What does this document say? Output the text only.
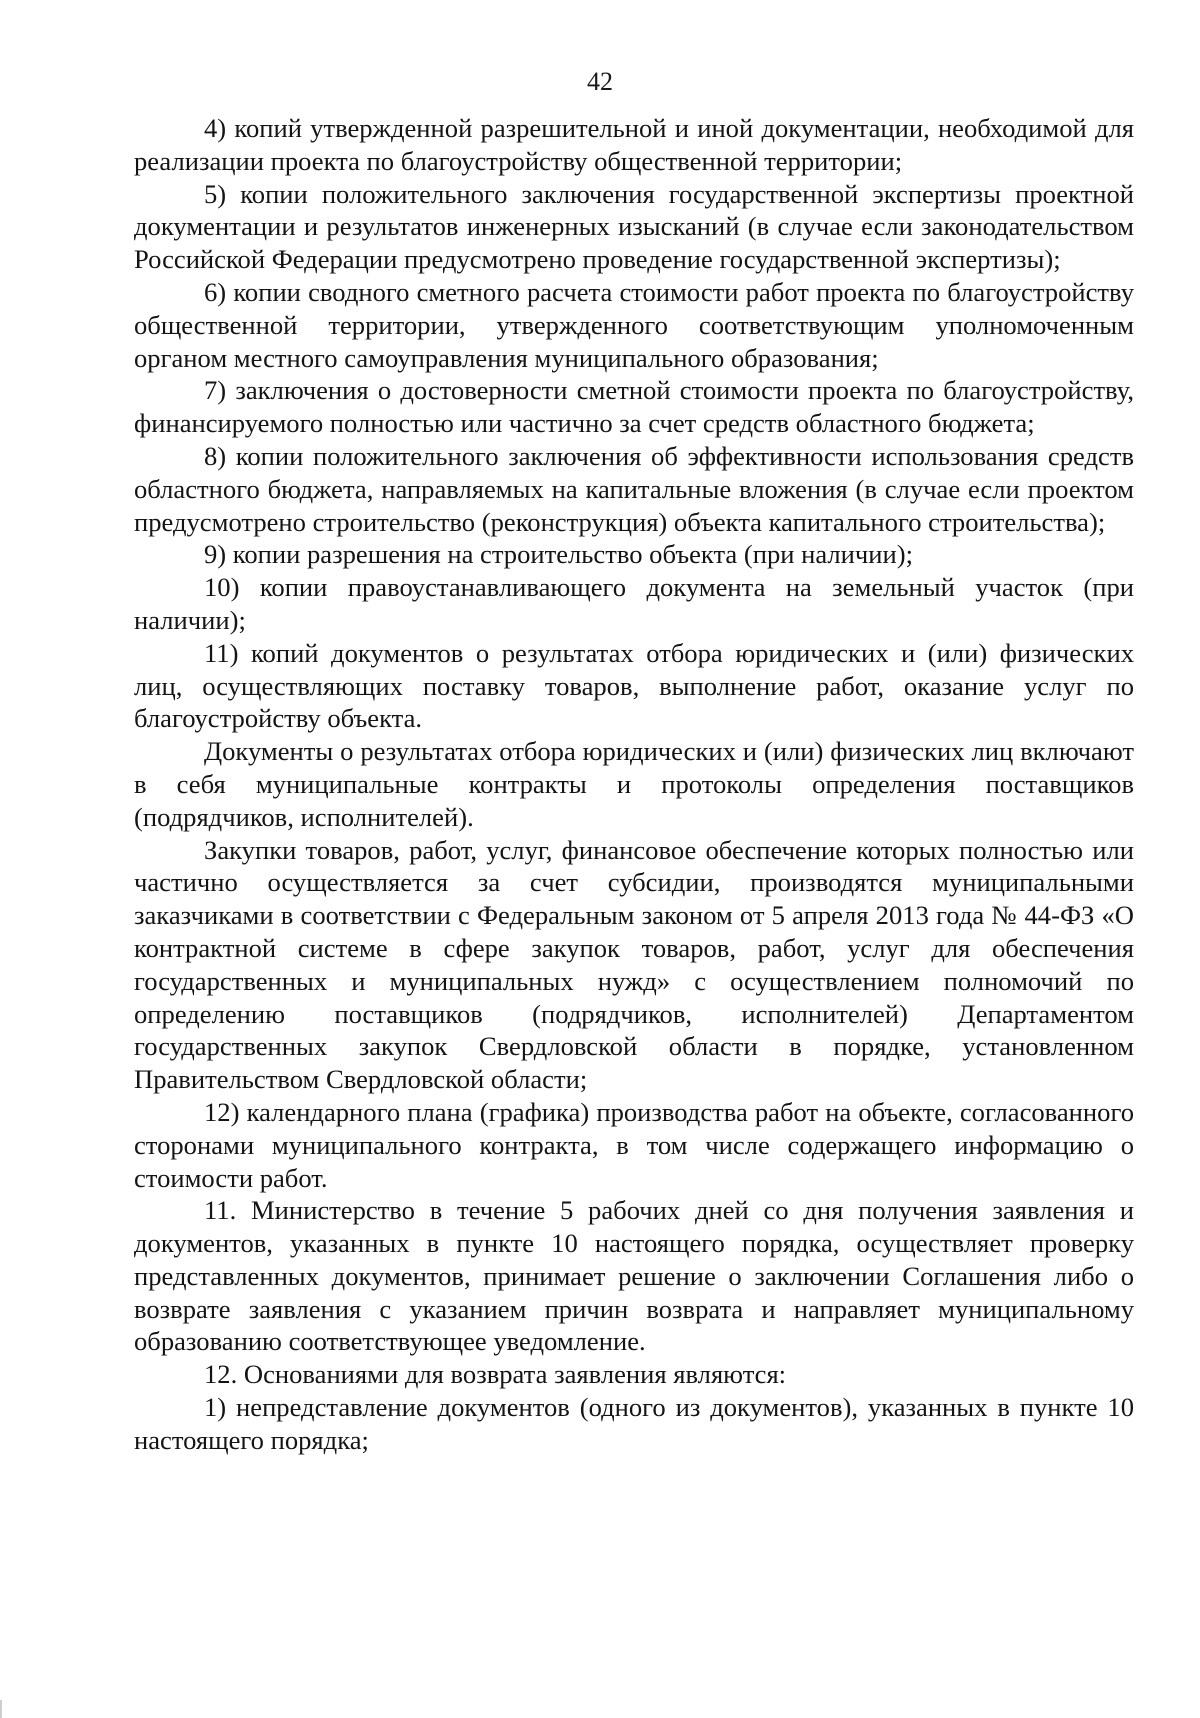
42

4) копий утвержденной разрешительной и иной документации, необходимой для реализации проекта по благоустройству общественной территории;

5) копии положительного заключения государственной экспертизы проектной документации и результатов инженерных изысканий (в случае если законодательством Российской Федерации предусмотрено проведение государственной экспертизы);

6) копии сводного сметного расчета стоимости работ проекта по благоустройству общественной территории, утвержденного соответствующим уполномоченным органом местного самоуправления муниципального образования;

7) заключения о достоверности сметной стоимости проекта по благоустройству, финансируемого полностью или частично за счет средств областного бюджета;

8) копии положительного заключения об эффективности использования средств областного бюджета, направляемых на капитальные вложения (в случае если проектом предусмотрено строительство (реконструкция) объекта капитального строительства);

9) копии разрешения на строительство объекта (при наличии);

10) копии правоустанавливающего документа на земельный участок (при наличии);

11) копий документов о результатах отбора юридических и (или) физических лиц, осуществляющих поставку товаров, выполнение работ, оказание услуг по благоустройству объекта.

Документы о результатах отбора юридических и (или) физических лиц включают в себя муниципальные контракты и протоколы определения поставщиков (подрядчиков, исполнителей).

Закупки товаров, работ, услуг, финансовое обеспечение которых полностью или частично осуществляется за счет субсидии, производятся муниципальными заказчиками в соответствии с Федеральным законом от 5 апреля 2013 года № 44-ФЗ «О контрактной системе в сфере закупок товаров, работ, услуг для обеспечения государственных и муниципальных нужд» с осуществлением полномочий по определению поставщиков (подрядчиков, исполнителей) Департаментом государственных закупок Свердловской области в порядке, установленном Правительством Свердловской области;

12) календарного плана (графика) производства работ на объекте, согласованного сторонами муниципального контракта, в том числе содержащего информацию о стоимости работ.

11. Министерство в течение 5 рабочих дней со дня получения заявления и документов, указанных в пункте 10 настоящего порядка, осуществляет проверку представленных документов, принимает решение о заключении Соглашения либо о возврате заявления с указанием причин возврата и направляет муниципальному образованию соответствующее уведомление.

12. Основаниями для возврата заявления являются:

1) непредставление документов (одного из документов), указанных в пункте 10 настоящего порядка;
